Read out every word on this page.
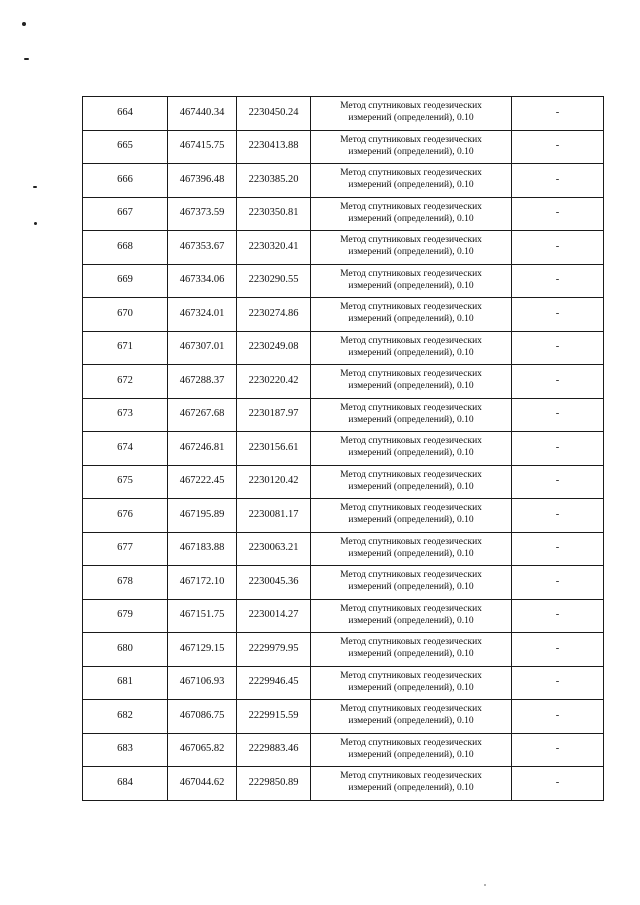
664	467440.34	2230450.24	Метод спутниковых геодезических
измерений (определений), 0.10	-
665	467415.75	2230413.88	Метод спутниковых геодезических
измерений (определений), 0.10	-
666	467396.48	2230385.20	Метод спутниковых геодезических
измерений (определений), 0.10	-
667	467373.59	2230350.81	Метод спутниковых геодезических
измерений (определений), 0.10	-
668	467353.67	2230320.41	Метод спутниковых геодезических
измерений (определений), 0.10	-
669	467334.06	2230290.55	Метод спутниковых геодезических
измерений (определений), 0.10	-
670	467324.01	2230274.86	Метод спутниковых геодезических
измерений (определений), 0.10	-
671	467307.01	2230249.08	Метод спутниковых геодезических
измерений (определений), 0.10	-
672	467288.37	2230220.42	Метод спутниковых геодезических
измерений (определений), 0.10	-
673	467267.68	2230187.97	Метод спутниковых геодезических
измерений (определений), 0.10	-
674	467246.81	2230156.61	Метод спутниковых геодезических
измерений (определений), 0.10	-
675	467222.45	2230120.42	Метод спутниковых геодезических
измерений (определений), 0.10	-
676	467195.89	2230081.17	Метод спутниковых геодезических
измерений (определений), 0.10	-
677	467183.88	2230063.21	Метод спутниковых геодезических
измерений (определений), 0.10	-
678	467172.10	2230045.36	Метод спутниковых геодезических
измерений (определений), 0.10	-
679	467151.75	2230014.27	Метод спутниковых геодезических
измерений (определений), 0.10	-
680	467129.15	2229979.95	Метод спутниковых геодезических
измерений (определений), 0.10	-
681	467106.93	2229946.45	Метод спутниковых геодезических
измерений (определений), 0.10	-
682	467086.75	2229915.59	Метод спутниковых геодезических
измерений (определений), 0.10	-
683	467065.82	2229883.46	Метод спутниковых геодезических
измерений (определений), 0.10	-
684	467044.62	2229850.89	Метод спутниковых геодезических
измерений (определений), 0.10	-
